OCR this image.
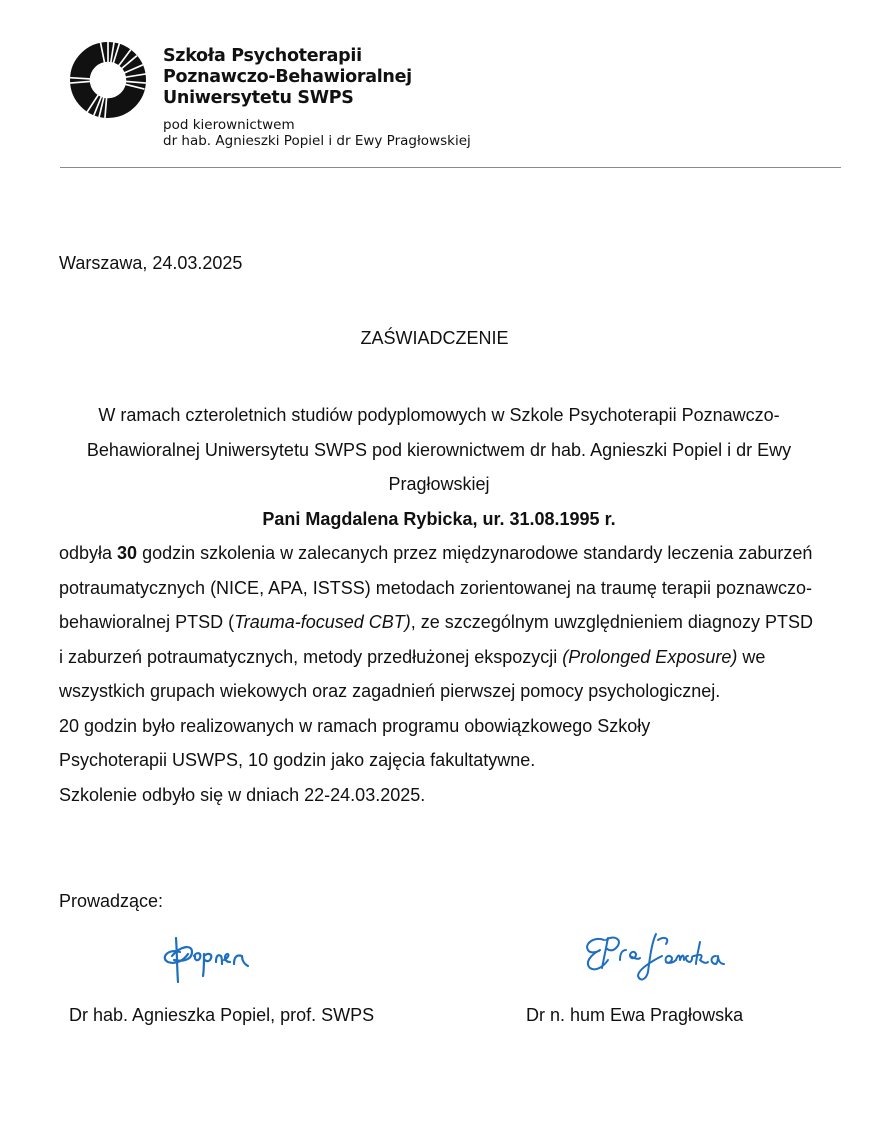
Szkoła Psychoterapii
Poznawczo-Behawioralnej
Uniwersytetu SWPS
pod kierownictwem
dr hab. Agnieszki Popiel i dr Ewy Pragłowskiej
Warszawa, 24.03.2025
ZAŚWIADCZENIE

W ramach czteroletnich studiów podyplomowych w Szkole Psychoterapii Poznawczo-Behawioralnej Uniwersytetu SWPS pod kierownictwem dr hab. Agnieszki Popiel i dr Ewy Pragłowskiej

Pani Magdalena Rybicka, ur. 31.08.1995 r.

odbyła 30 godzin szkolenia w zalecanych przez międzynarodowe standardy leczenia zaburzeń potraumatycznych (NICE, APA, ISTSS) metodach zorientowanej na traumę terapii poznawczo-behawioralnej PTSD (Trauma-focused CBT), ze szczególnym uwzględnieniem diagnozy PTSD i zaburzeń potraumatycznych, metody przedłużonej ekspozycji (Prolonged Exposure) we wszystkich grupach wiekowych oraz zagadnień pierwszej pomocy psychologicznej.

20 godzin było realizowanych w ramach programu obowiązkowego Szkoły Psychoterapii USWPS, 10 godzin jako zajęcia fakultatywne.

Szkolenie odbyło się w dniach 22-24.03.2025.

Prowadzące:
Dr hab. Agnieszka Popiel, prof. SWPS	Dr n. hum Ewa Pragłowska
